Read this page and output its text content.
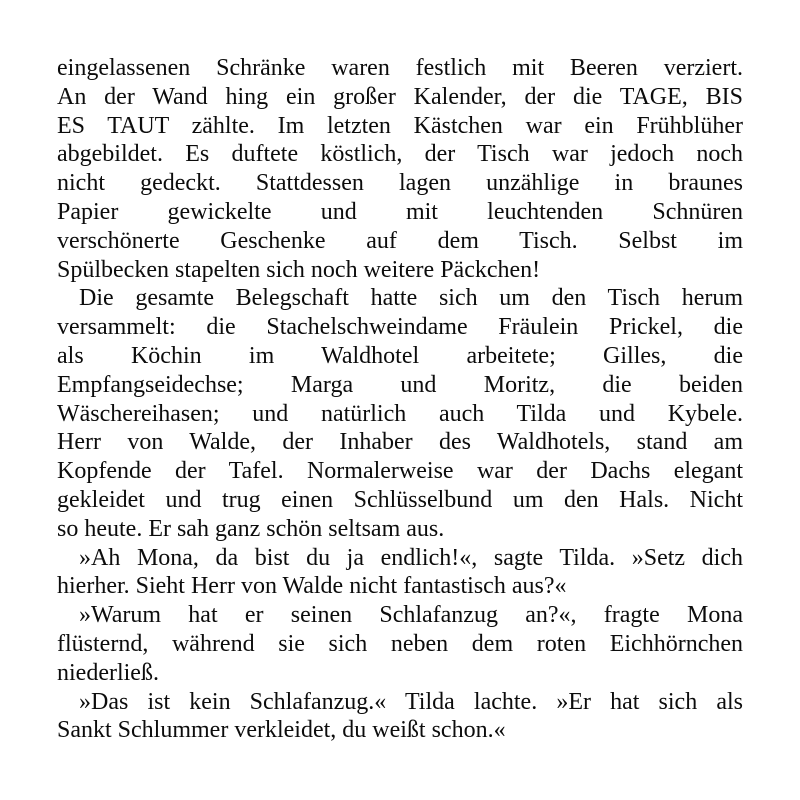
eingelassenen Schränke waren festlich mit Beeren verziert.
An der Wand hing ein großer Kalender, der die TAGE, BIS
ES TAUT zählte. Im letzten Kästchen war ein Frühblüher
abgebildet. Es duftete köstlich, der Tisch war jedoch noch
nicht gedeckt. Stattdessen lagen unzählige in braunes
Papier gewickelte und mit leuchtenden Schnüren
verschönerte Geschenke auf dem Tisch. Selbst im
Spülbecken stapelten sich noch weitere Päckchen!
Die gesamte Belegschaft hatte sich um den Tisch herum
versammelt: die Stachelschweindame Fräulein Prickel, die
als Köchin im Waldhotel arbeitete; Gilles, die
Empfangseidechse; Marga und Moritz, die beiden
Wäschereihasen; und natürlich auch Tilda und Kybele.
Herr von Walde, der Inhaber des Waldhotels, stand am
Kopfende der Tafel. Normalerweise war der Dachs elegant
gekleidet und trug einen Schlüsselbund um den Hals. Nicht
so heute. Er sah ganz schön seltsam aus.
»Ah Mona, da bist du ja endlich!«, sagte Tilda. »Setz dich
hierher. Sieht Herr von Walde nicht fantastisch aus?«
»Warum hat er seinen Schlafanzug an?«, fragte Mona
flüsternd, während sie sich neben dem roten Eichhörnchen
niederließ.
»Das ist kein Schlafanzug.« Tilda lachte. »Er hat sich als
Sankt Schlummer verkleidet, du weißt schon.«
